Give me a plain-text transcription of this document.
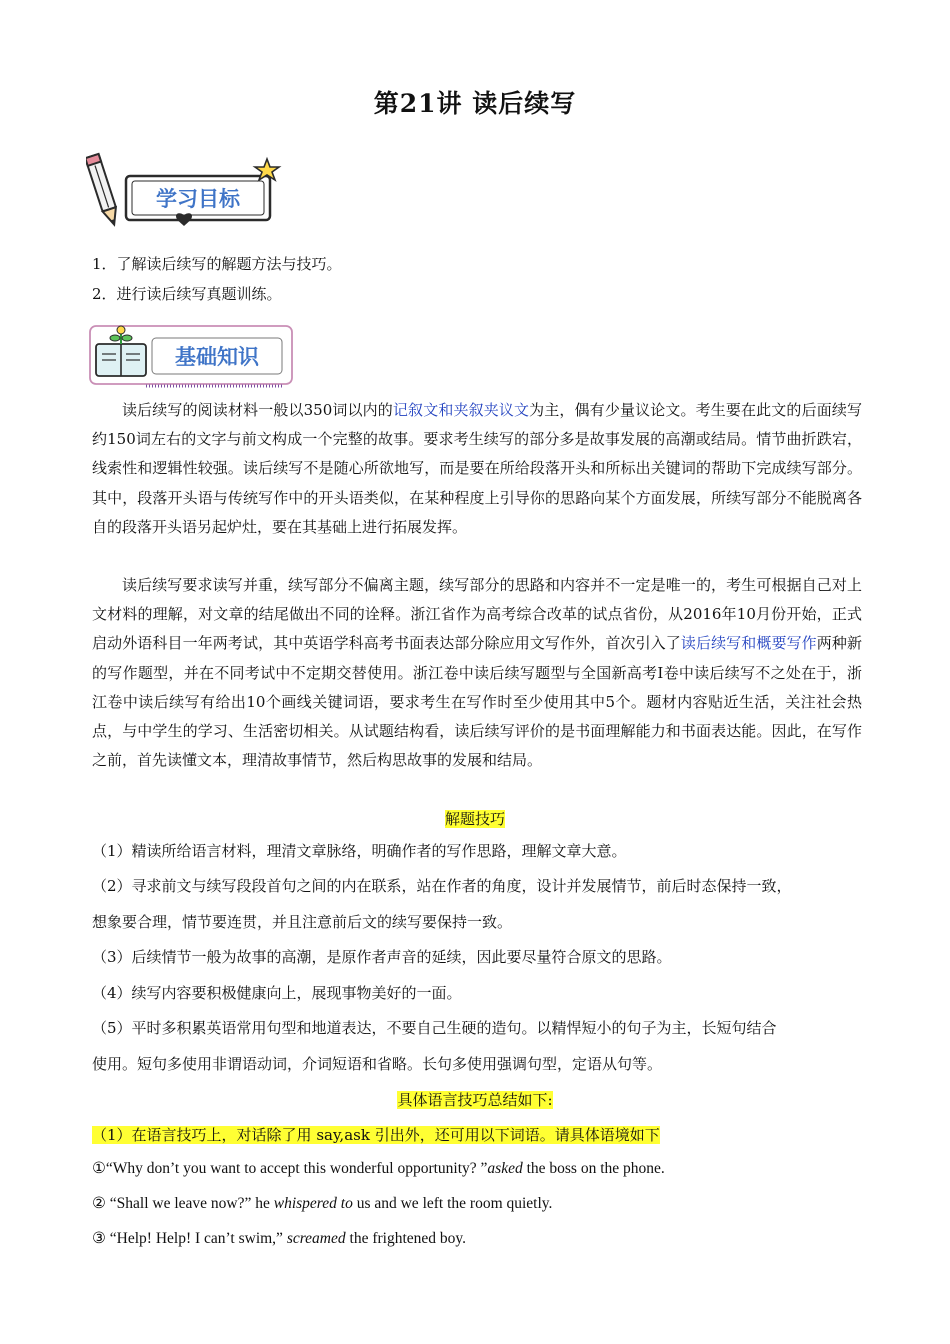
第21讲 读后续写
学习目标
1．了解读后续写的解题方法与技巧。
2．进行读后续写真题训练。
基础知识
读后续写的阅读材料一般以350词以内的记叙文和夹叙夹议文为主，偶有少量议论文。考生要在此文的后面续写约150词左右的文字与前文构成一个完整的故事。要求考生续写的部分多是故事发展的高潮或结局。情节曲折跌宕，线索性和逻辑性较强。读后续写不是随心所欲地写，而是要在所给段落开头和所标出关键词的帮助下完成续写部分。其中，段落开头语与传统写作中的开头语类似，在某种程度上引导你的思路向某个方面发展，所续写部分不能脱离各自的段落开头语另起炉灶，要在其基础上进行拓展发挥。
读后续写要求读写并重，续写部分不偏离主题，续写部分的思路和内容并不一定是唯一的，考生可根据自己对上文材料的理解，对文章的结尾做出不同的诠释。浙江省作为高考综合改革的试点省份，从2016年10月份开始，正式启动外语科目一年两考试，其中英语学科高考书面表达部分除应用文写作外，首次引入了读后续写和概要写作两种新的写作题型，并在不同考试中不定期交替使用。浙江卷中读后续写题型与全国新高考I卷中读后续写不之处在于，浙江卷中读后续写有给出10个画线关键词语，要求考生在写作时至少使用其中5个。题材内容贴近生活，关注社会热点，与中学生的学习、生活密切相关。从试题结构看，读后续写评价的是书面理解能力和书面表达能。因此，在写作之前，首先读懂文本，理清故事情节，然后构思故事的发展和结局。
解题技巧
（1）精读所给语言材料，理清文章脉络，明确作者的写作思路，理解文章大意。
（2）寻求前文与续写段段首句之间的内在联系，站在作者的角度，设计并发展情节，前后时态保持一致，
想象要合理，情节要连贯，并且注意前后文的续写要保持一致。
（3）后续情节一般为故事的高潮，是原作者声音的延续，因此要尽量符合原文的思路。
（4）续写内容要积极健康向上，展现事物美好的一面。
（5）平时多积累英语常用句型和地道表达，不要自己生硬的造句。以精悍短小的句子为主，长短句结合
使用。短句多使用非谓语动词，介词短语和省略。长句多使用强调句型，定语从句等。
具体语言技巧总结如下:
（1）在语言技巧上，对话除了用 say,ask 引出外，还可用以下词语。请具体语境如下
①“Why don’t you want to accept this wonderful opportunity? ”asked the boss on the phone.
② “Shall we leave now?” he whispered to us and we left the room quietly.
③ “Help! Help! I can’t swim,” screamed the frightened boy.
